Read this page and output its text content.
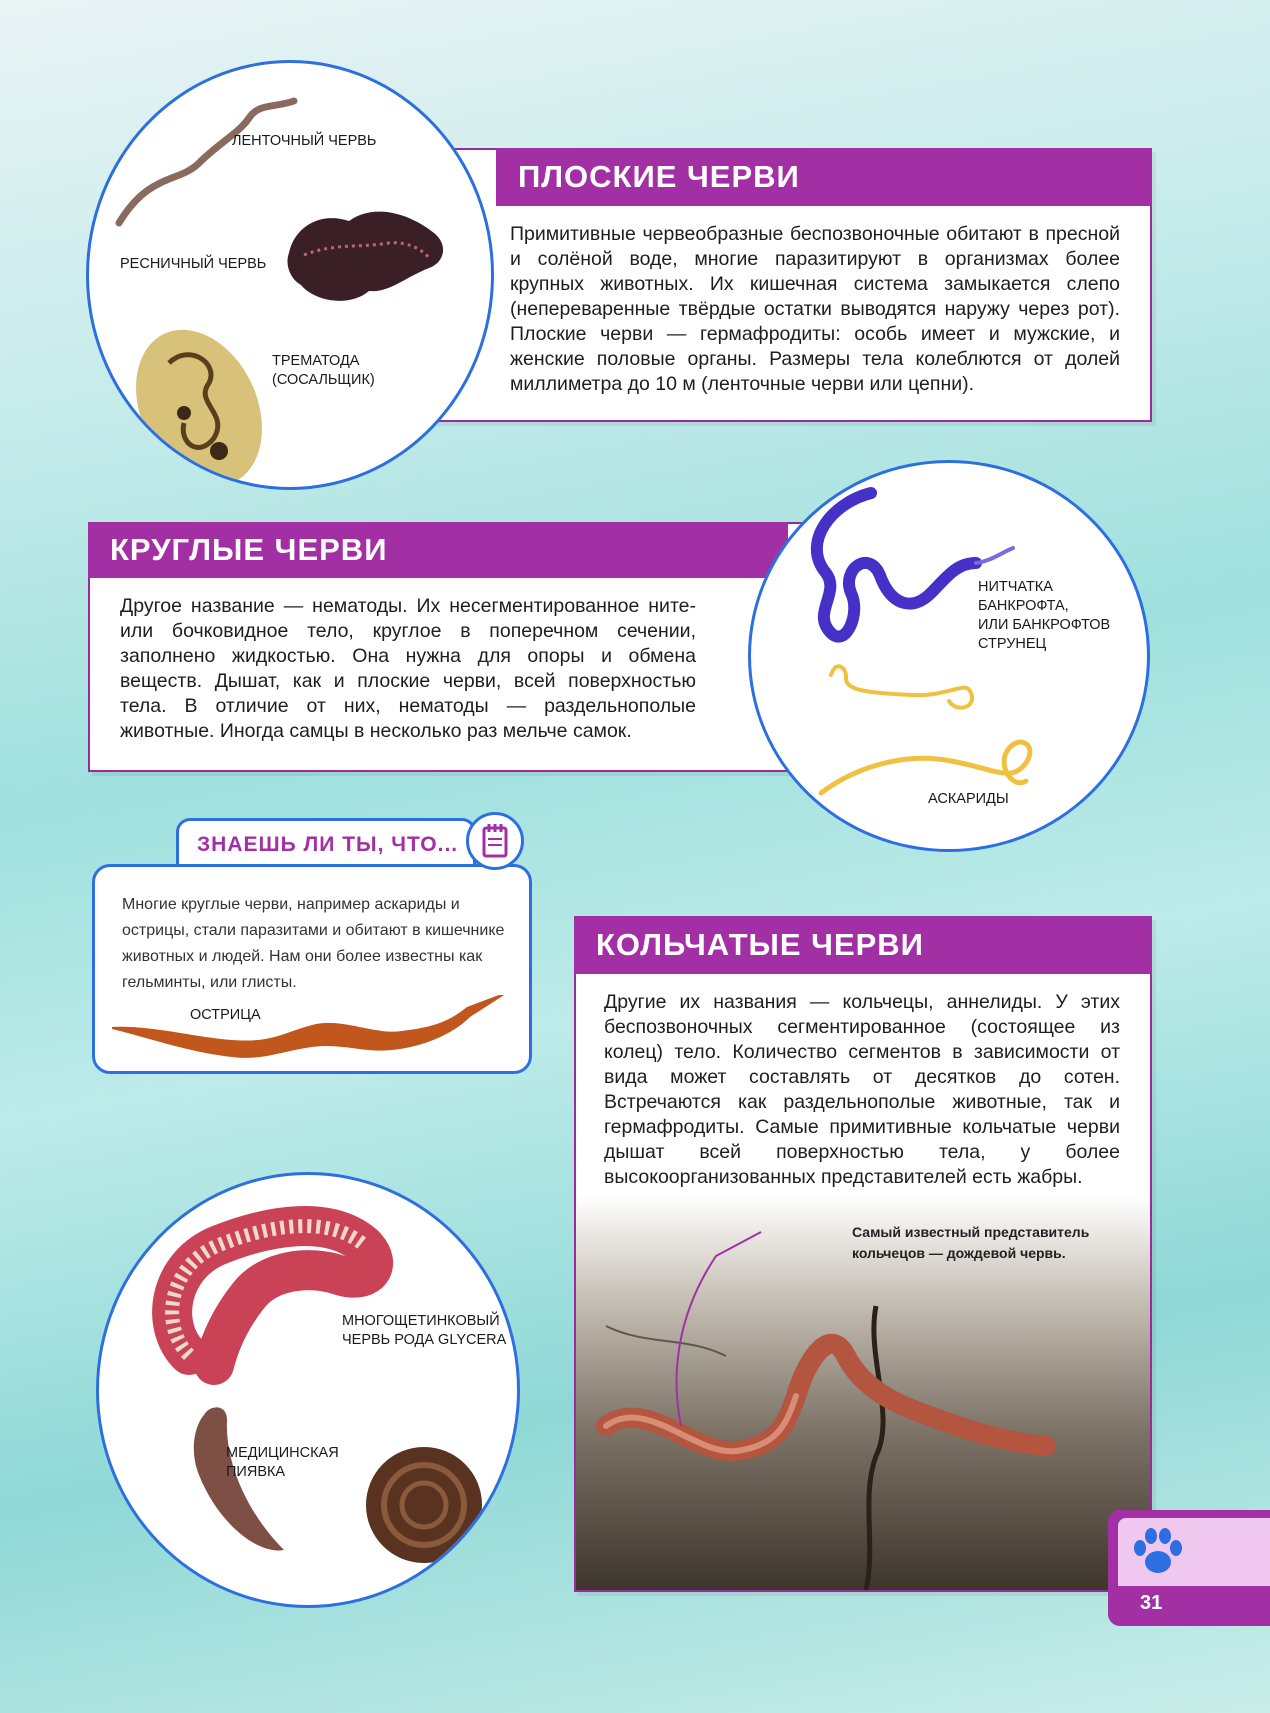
ПЛОСКИЕ ЧЕРВИ
Примитивные червеобразные беспозвоночные обитают в пресной и солёной воде, многие паразитируют в организмах более крупных животных. Их кишечная система замыкается слепо (непереваренные твёрдые остатки выводятся наружу через рот). Плоские черви — гермафродиты: особь имеет и мужские, и женские половые органы. Размеры тела колеблются от долей миллиметра до 10 м (ленточные черви или цепни).
ЛЕНТОЧНЫЙ ЧЕРВЬ
РЕСНИЧНЫЙ ЧЕРВЬ
ТРЕМАТОДА
(СОСАЛЬЩИК)
КРУГЛЫЕ ЧЕРВИ
Другое название — нематоды. Их несегментированное ните- или бочковидное тело, круглое в поперечном сечении, заполнено жидкостью. Она нужна для опоры и обмена веществ. Дышат, как и плоские черви, всей поверхностью тела. В отличие от них, нематоды — раздельнополые животные. Иногда самцы в несколько раз мельче самок.
НИТЧАТКА
БАНКРОФТА,
ИЛИ БАНКРОФТОВ
СТРУНЕЦ
АСКАРИДЫ
ЗНАЕШЬ ЛИ ТЫ, ЧТО...
Многие круглые черви, например аскариды и острицы, стали паразитами и обитают в кишечнике животных и людей. Нам они более известны как гельминты, или глисты.
ОСТРИЦА
КОЛЬЧАТЫЕ ЧЕРВИ
Другие их названия — кольчецы, аннелиды. У этих беспозвоночных сегментированное (состоящее из колец) тело. Количество сегментов в зависимости от вида может составлять от десятков до сотен. Встречаются как раздельнополые животные, так и гермафродиты. Самые примитивные кольчатые черви дышат всей поверхностью тела, у более высокоорганизованных представителей есть жабры.
Самый известный представитель
кольчецов — дождевой червь.
МНОГОЩЕТИНКОВЫЙ
ЧЕРВЬ РОДА GLYCERA
МЕДИЦИНСКАЯ
ПИЯВКА
31
